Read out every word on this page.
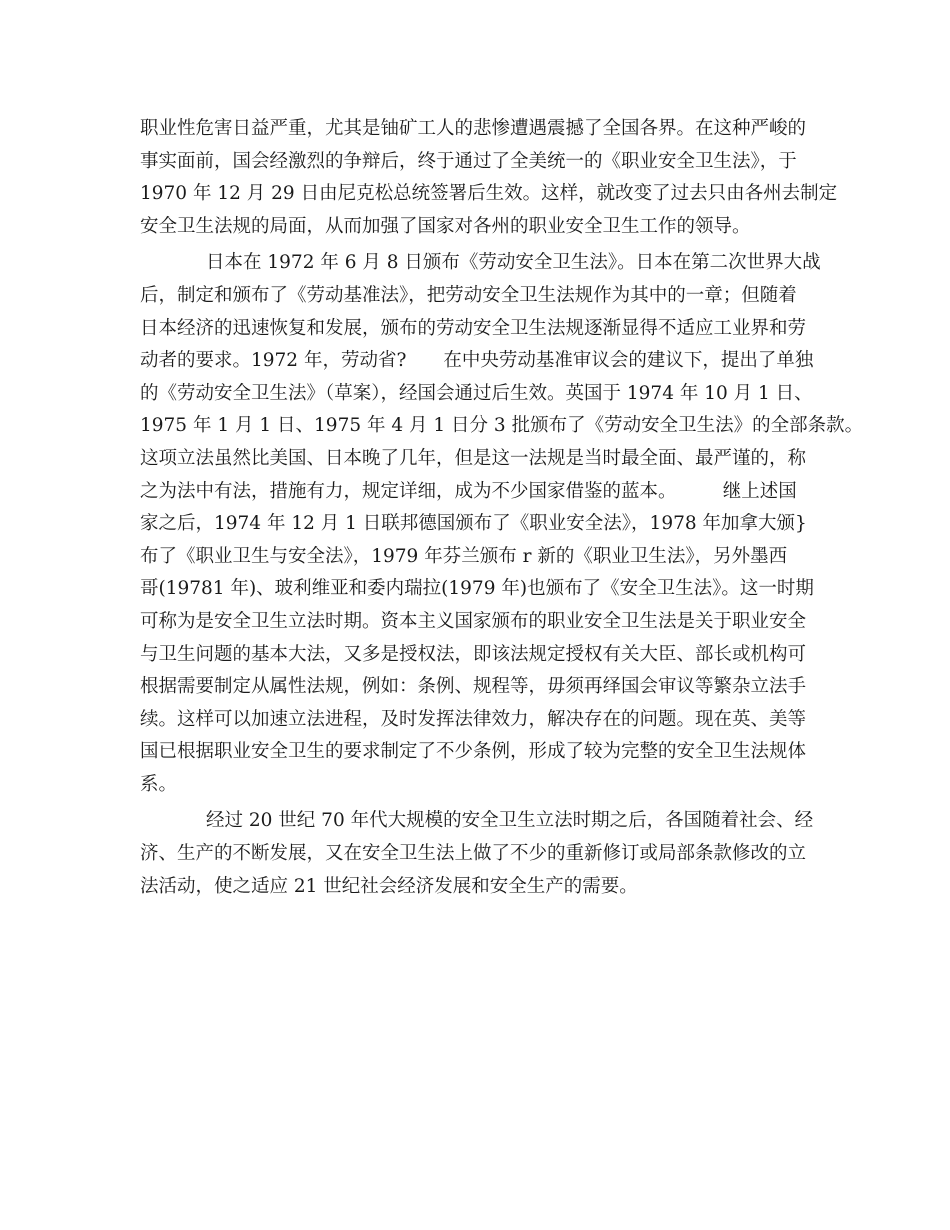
职业性危害日益严重，尤其是铀矿工人的悲惨遭遇震撼了全国各界。在这种严峻的
事实面前，国会经激烈的争辩后，终于通过了全美统一的《职业安全卫生法》，于
1970 年 12 月 29 日由尼克松总统签署后生效。这样，就改变了过去只由各州去制定
安全卫生法规的局面，从而加强了国家对各州的职业安全卫生工作的领导。
日本在 1972 年 6 月 8 日颁布《劳动安全卫生法》。日本在第二次世界大战
后，制定和颁布了《劳动基准法》，把劳动安全卫生法规作为其中的一章；但随着
日本经济的迅速恢复和发展，颁布的劳动安全卫生法规逐渐显得不适应工业界和劳
动者的要求。1972 年，劳动省?　　在中央劳动基准审议会的建议下，提出了单独
的《劳动安全卫生法》（草案），经国会通过后生效。英国于 1974 年 10 月 1 日、
1975 年 1 月 1 日、1975 年 4 月 1 日分 3 批颁布了《劳动安全卫生法》的全部条款。
这项立法虽然比美国、日本晚了几年，但是这一法规是当时最全面、最严谨的，称
之为法中有法，措施有力，规定详细，成为不少国家借鉴的蓝本。　　　继上述国
家之后，1974 年 12 月 1 日联邦德国颁布了《职业安全法》，1978 年加拿大颁}
布了《职业卫生与安全法》，1979 年芬兰颁布 r 新的《职业卫生法》，另外墨西
哥(19781 年)、玻利维亚和委内瑞拉(1979 年)也颁布了《安全卫生法》。这一时期
可称为是安全卫生立法时期。资本主义国家颁布的职业安全卫生法是关于职业安全
与卫生问题的基本大法，又多是授权法，即该法规定授权有关大臣、部长或机构可
根据需要制定从属性法规，例如：条例、规程等，毋须再绎国会审议等繁杂立法手
续。这样可以加速立法进程，及时发挥法律效力，解决存在的问题。现在英、美等
国已根据职业安全卫生的要求制定了不少条例，形成了较为完整的安全卫生法规体
系。
经过 20 世纪 70 年代大规模的安全卫生立法时期之后，各国随着社会、经
济、生产的不断发展，又在安全卫生法上做了不少的重新修订或局部条款修改的立
法活动，使之适应 21 世纪社会经济发展和安全生产的需要。
